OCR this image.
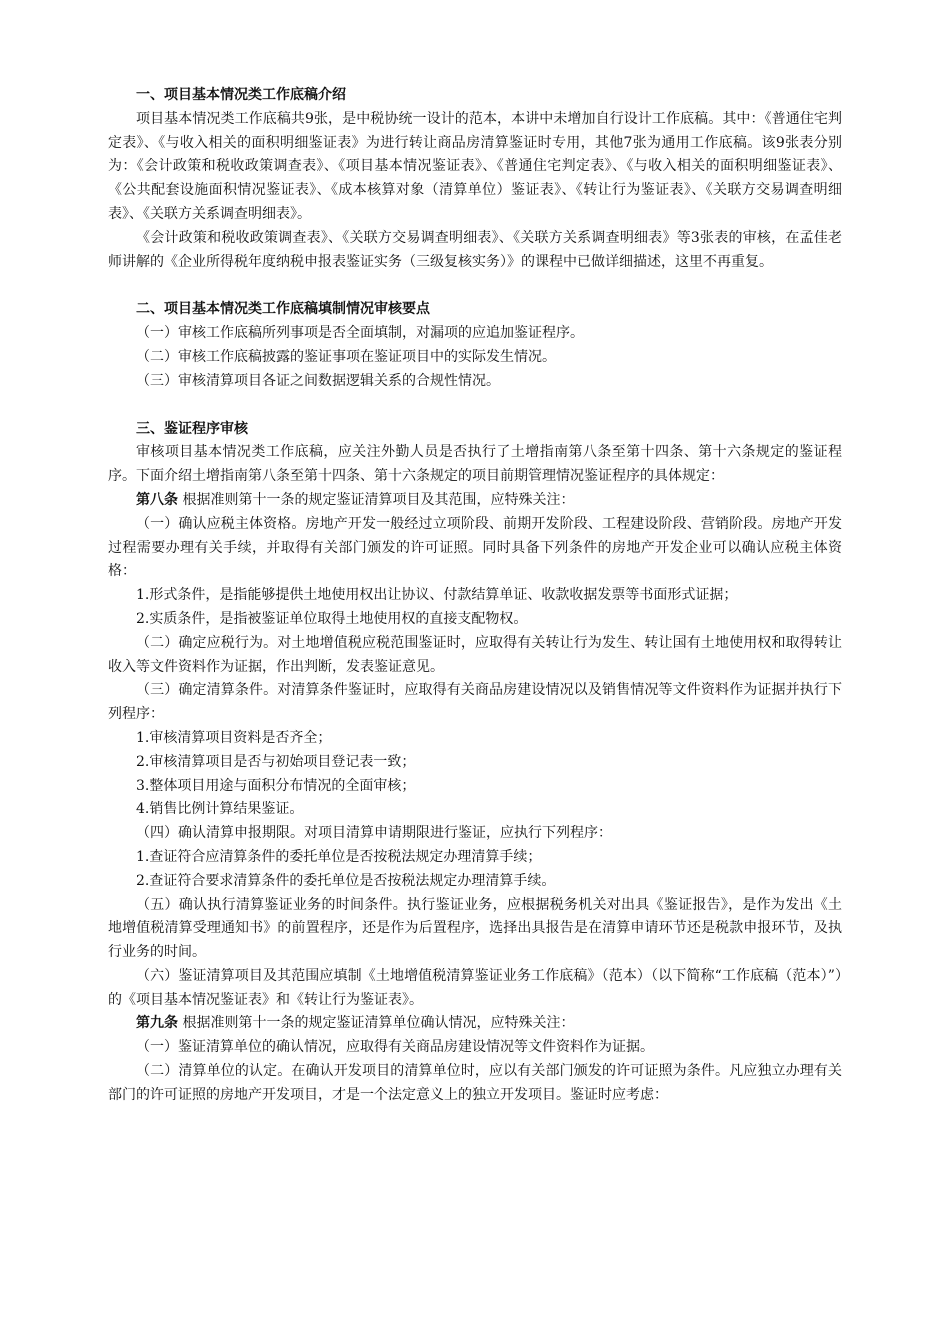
一、项目基本情况类工作底稿介绍

项目基本情况类工作底稿共9张，是中税协统一设计的范本，本讲中未增加自行设计工作底稿。其中：《普通住宅判定表》、《与收入相关的面积明细鉴证表》为进行转让商品房清算鉴证时专用，其他7张为通用工作底稿。该9张表分别为：《会计政策和税收政策调查表》、《项目基本情况鉴证表》、《普通住宅判定表》、《与收入相关的面积明细鉴证表》、《公共配套设施面积情况鉴证表》、《成本核算对象（清算单位）鉴证表》、《转让行为鉴证表》、《关联方交易调查明细表》、《关联方关系调查明细表》。

《会计政策和税收政策调查表》、《关联方交易调查明细表》、《关联方关系调查明细表》等3张表的审核，在孟佳老师讲解的《企业所得税年度纳税申报表鉴证实务（三级复核实务）》的课程中已做详细描述，这里不再重复。

二、项目基本情况类工作底稿填制情况审核要点

（一）审核工作底稿所列事项是否全面填制，对漏项的应追加鉴证程序。

（二）审核工作底稿披露的鉴证事项在鉴证项目中的实际发生情况。

（三）审核清算项目各证之间数据逻辑关系的合规性情况。

三、鉴证程序审核

审核项目基本情况类工作底稿，应关注外勤人员是否执行了土增指南第八条至第十四条、第十六条规定的鉴证程序。下面介绍土增指南第八条至第十四条、第十六条规定的项目前期管理情况鉴证程序的具体规定：

第八条 根据准则第十一条的规定鉴证清算项目及其范围，应特殊关注：

（一）确认应税主体资格。房地产开发一般经过立项阶段、前期开发阶段、工程建设阶段、营销阶段。房地产开发过程需要办理有关手续，并取得有关部门颁发的许可证照。同时具备下列条件的房地产开发企业可以确认应税主体资格：

1.形式条件，是指能够提供土地使用权出让协议、付款结算单证、收款收据发票等书面形式证据；

2.实质条件，是指被鉴证单位取得土地使用权的直接支配物权。

（二）确定应税行为。对土地增值税应税范围鉴证时，应取得有关转让行为发生、转让国有土地使用权和取得转让收入等文件资料作为证据，作出判断，发表鉴证意见。

（三）确定清算条件。对清算条件鉴证时，应取得有关商品房建设情况以及销售情况等文件资料作为证据并执行下列程序：

1.审核清算项目资料是否齐全；

2.审核清算项目是否与初始项目登记表一致；

3.整体项目用途与面积分布情况的全面审核；

4.销售比例计算结果鉴证。

（四）确认清算申报期限。对项目清算申请期限进行鉴证，应执行下列程序：

1.查证符合应清算条件的委托单位是否按税法规定办理清算手续；

2.查证符合要求清算条件的委托单位是否按税法规定办理清算手续。

（五）确认执行清算鉴证业务的时间条件。执行鉴证业务，应根据税务机关对出具《鉴证报告》，是作为发出《土地增值税清算受理通知书》的前置程序，还是作为后置程序，选择出具报告是在清算申请环节还是税款申报环节，及执行业务的时间。

（六）鉴证清算项目及其范围应填制《土地增值税清算鉴证业务工作底稿》（范本）（以下简称“工作底稿（范本）”）的《项目基本情况鉴证表》和《转让行为鉴证表》。

第九条 根据准则第十一条的规定鉴证清算单位确认情况，应特殊关注：

（一）鉴证清算单位的确认情况，应取得有关商品房建设情况等文件资料作为证据。

（二）清算单位的认定。在确认开发项目的清算单位时，应以有关部门颁发的许可证照为条件。凡应独立办理有关部门的许可证照的房地产开发项目，才是一个法定意义上的独立开发项目。鉴证时应考虑：
